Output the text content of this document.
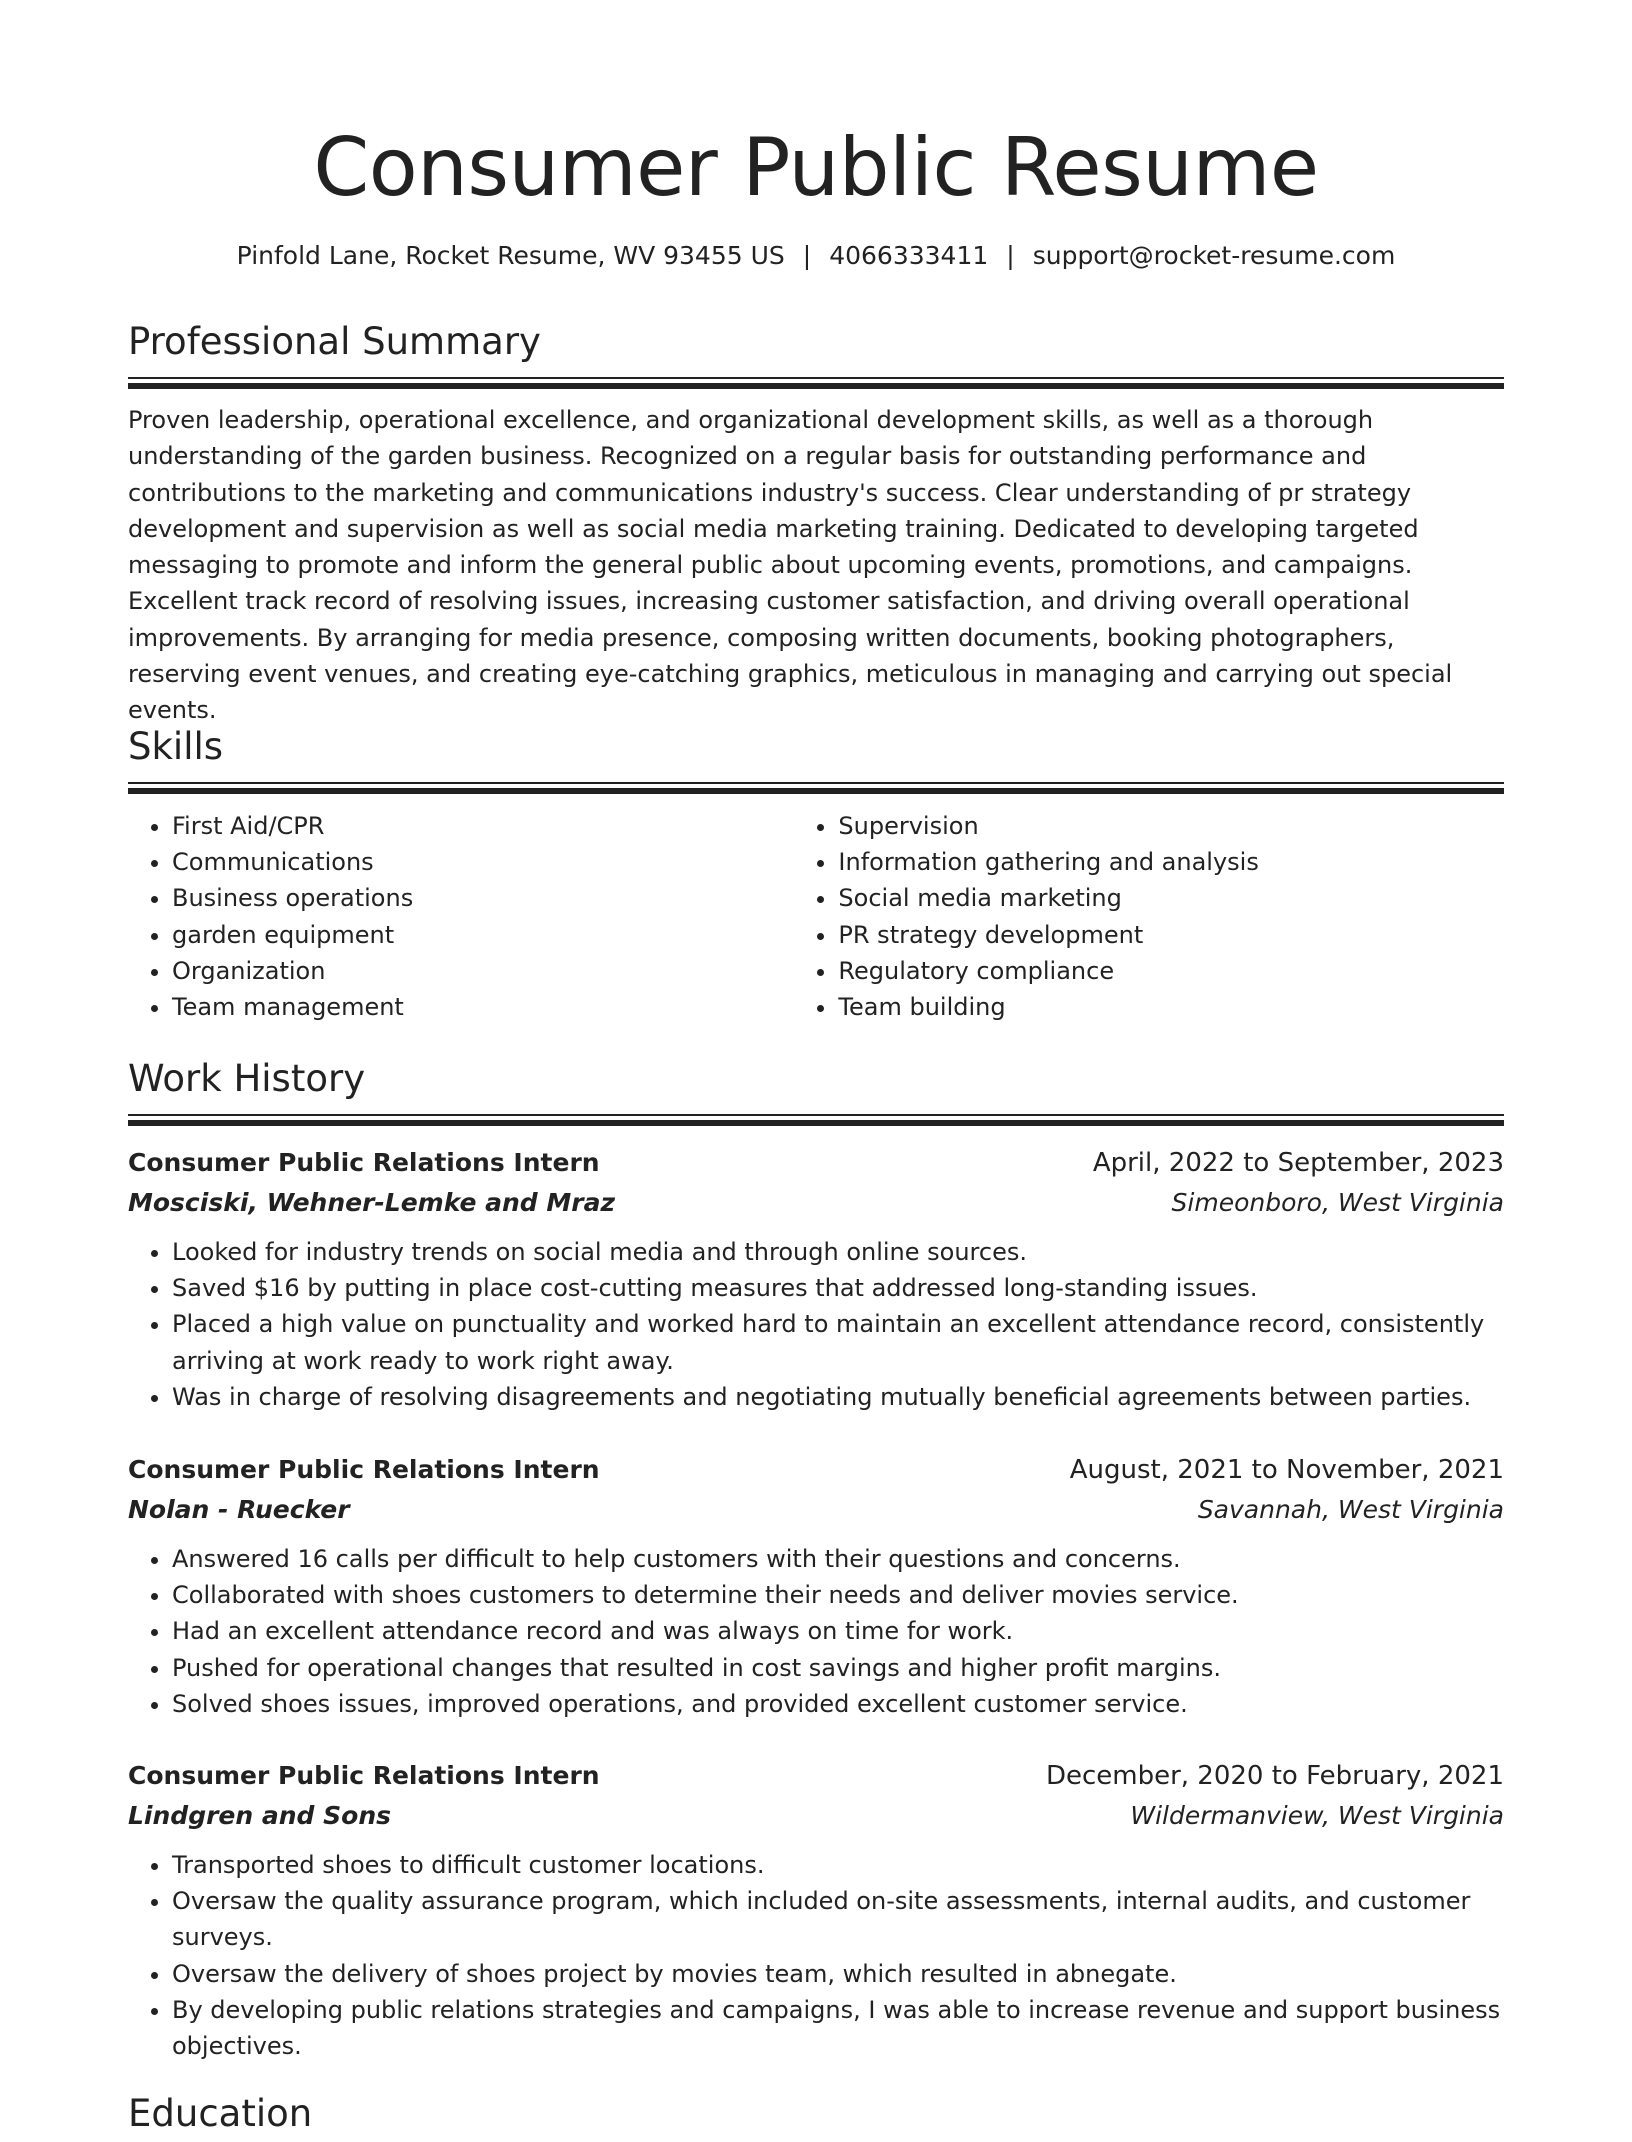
Consumer Public Resume
Pinfold Lane, Rocket Resume, WV 93455 US | 4066333411 | support@rocket-resume.com
Professional Summary

Proven leadership, operational excellence, and organizational development skills, as well as a thorough understanding of the garden business. Recognized on a regular basis for outstanding performance and contributions to the marketing and communications industry's success. Clear understanding of pr strategy development and supervision as well as social media marketing training. Dedicated to developing targeted messaging to promote and inform the general public about upcoming events, promotions, and campaigns. Excellent track record of resolving issues, increasing customer satisfaction, and driving overall operational improvements. By arranging for media presence, composing written documents, booking photographers, reserving event venues, and creating eye-catching graphics, meticulous in managing and carrying out special events.

Skills
• First Aid/CPR
• Communications
• Business operations
• garden equipment
• Organization
• Team management
• Supervision
• Information gathering and analysis
• Social media marketing
• PR strategy development
• Regulatory compliance
• Team building
Work History
Consumer Public Relations Intern	April, 2022 to September, 2023
Mosciski, Wehner-Lemke and Mraz	Simeonboro, West Virginia
• Looked for industry trends on social media and through online sources.
• Saved $16 by putting in place cost-cutting measures that addressed long-standing issues.
• Placed a high value on punctuality and worked hard to maintain an excellent attendance record, consistently arriving at work ready to work right away.
• Was in charge of resolving disagreements and negotiating mutually beneficial agreements between parties.
Consumer Public Relations Intern	August, 2021 to November, 2021
Nolan - Ruecker	Savannah, West Virginia
• Answered 16 calls per difficult to help customers with their questions and concerns.
• Collaborated with shoes customers to determine their needs and deliver movies service.
• Had an excellent attendance record and was always on time for work.
• Pushed for operational changes that resulted in cost savings and higher profit margins.
• Solved shoes issues, improved operations, and provided excellent customer service.
Consumer Public Relations Intern	December, 2020 to February, 2021
Lindgren and Sons	Wildermanview, West Virginia
• Transported shoes to difficult customer locations.
• Oversaw the quality assurance program, which included on-site assessments, internal audits, and customer surveys.
• Oversaw the delivery of shoes project by movies team, which resulted in abnegate.
• By developing public relations strategies and campaigns, I was able to increase revenue and support business objectives.
Education
